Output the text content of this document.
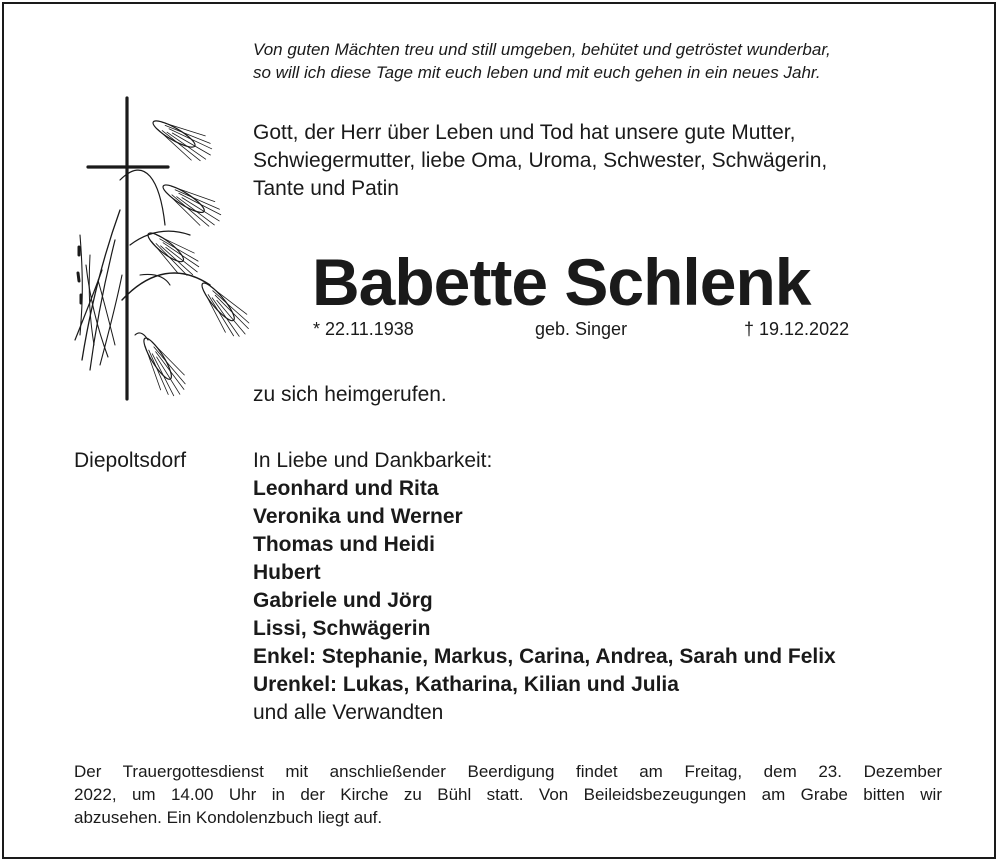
Von guten Mächten treu und still umgeben, behütet und getröstet wunderbar,
so will ich diese Tage mit euch leben und mit euch gehen in ein neues Jahr.
Gott, der Herr über Leben und Tod hat unsere gute Mutter,
Schwiegermutter, liebe Oma, Uroma, Schwester, Schwägerin,
Tante und Patin
Babette Schlenk
* 22.11.1938	geb. Singer	† 19.12.2022
zu sich heimgerufen.
Diepoltsdorf	In Liebe und Dankbarkeit:
Leonhard und Rita
Veronika und Werner
Thomas und Heidi
Hubert
Gabriele und Jörg
Lissi, Schwägerin
Enkel: Stephanie, Markus, Carina, Andrea, Sarah und Felix
Urenkel: Lukas, Katharina, Kilian und Julia
und alle Verwandten
Der Trauergottesdienst mit anschließender Beerdigung findet am Freitag, dem 23. Dezember
2022, um 14.00 Uhr in der Kirche zu Bühl statt. Von Beileidsbezeugungen am Grabe bitten wir
abzusehen. Ein Kondolenzbuch liegt auf.
